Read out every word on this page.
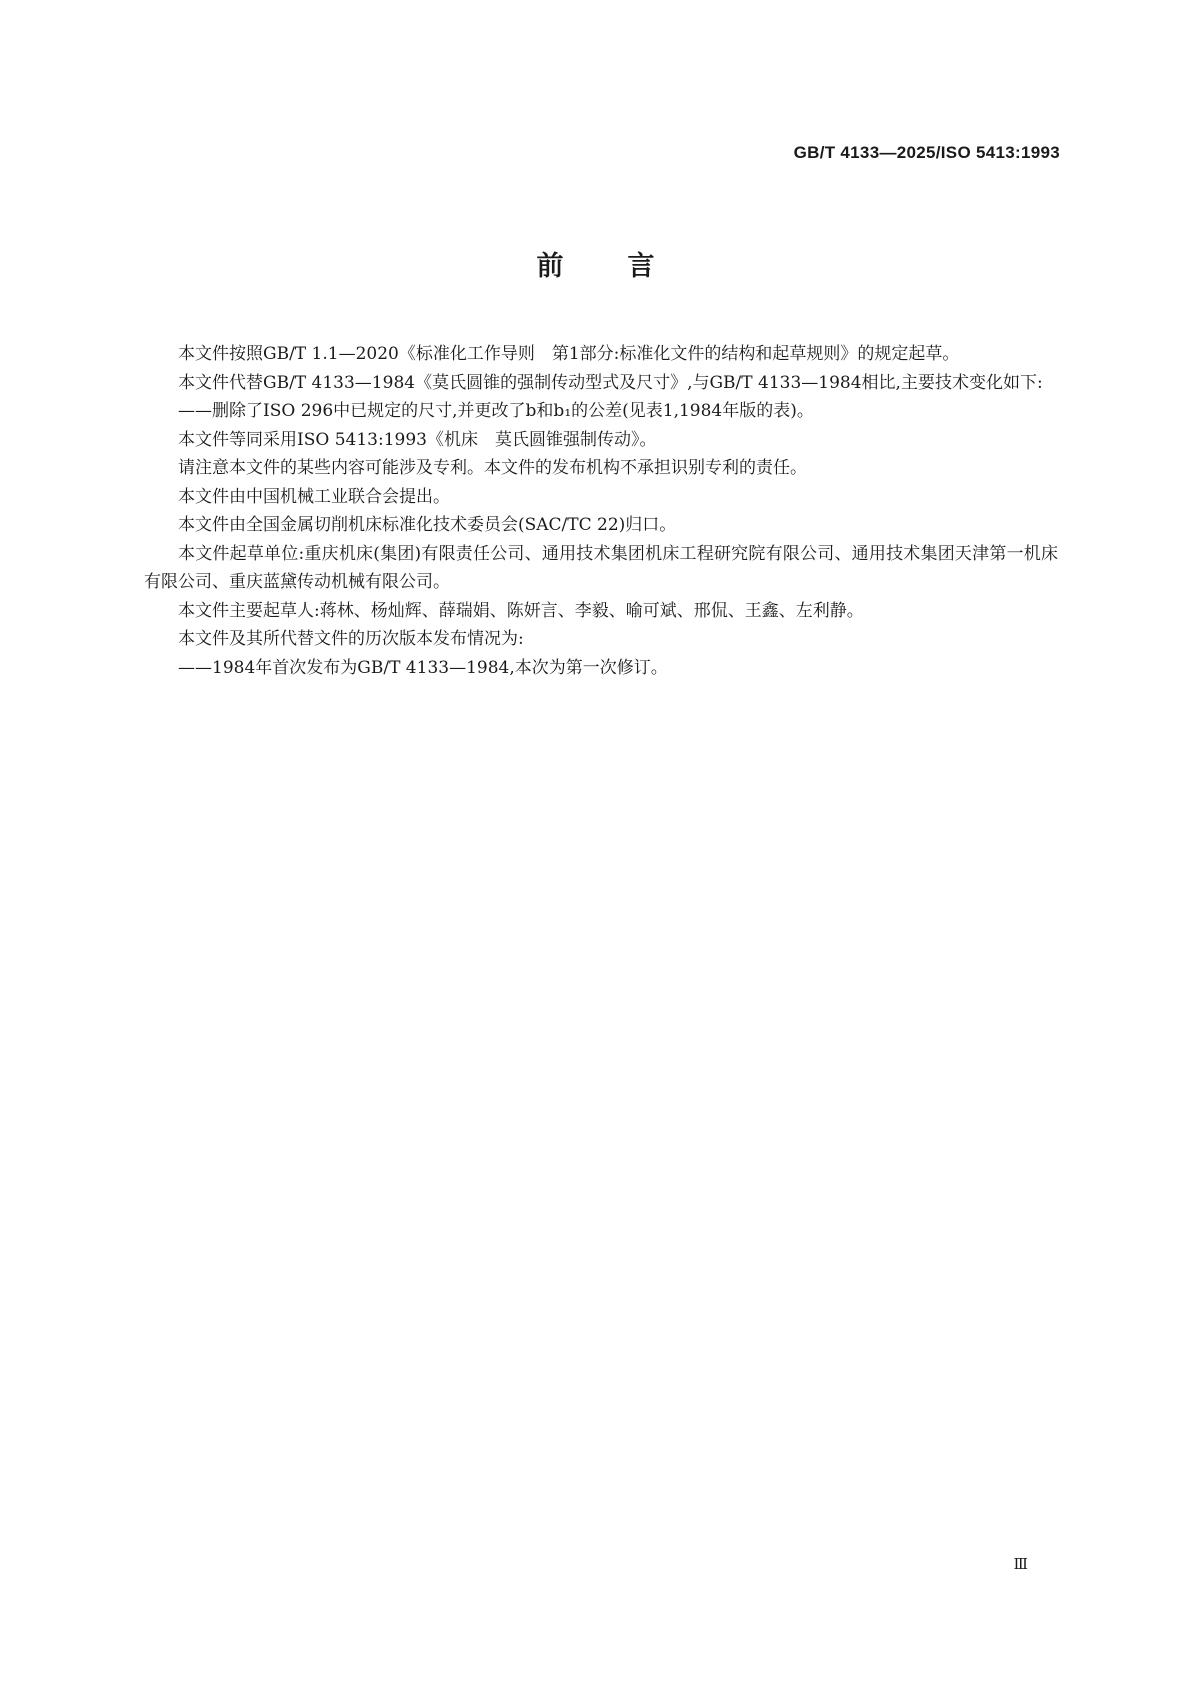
GB/T 4133—2025/ISO 5413:1993
前言

本文件按照GB/T 1.1—2020《标准化工作导则　第1部分:标准化文件的结构和起草规则》的规定起草。

本文件代替GB/T 4133—1984《莫氏圆锥的强制传动型式及尺寸》,与GB/T 4133—1984相比,主要技术变化如下:

——删除了ISO 296中已规定的尺寸,并更改了b和b₁的公差(见表1,1984年版的表)。

本文件等同采用ISO 5413:1993《机床　莫氏圆锥强制传动》。

请注意本文件的某些内容可能涉及专利。本文件的发布机构不承担识别专利的责任。

本文件由中国机械工业联合会提出。

本文件由全国金属切削机床标准化技术委员会(SAC/TC 22)归口。

本文件起草单位:重庆机床(集团)有限责任公司、通用技术集团机床工程研究院有限公司、通用技术集团天津第一机床有限公司、重庆蓝黛传动机械有限公司。

本文件主要起草人:蒋林、杨灿辉、薛瑞娟、陈妍言、李毅、喻可斌、邢侃、王鑫、左利静。

本文件及其所代替文件的历次版本发布情况为:

——1984年首次发布为GB/T 4133—1984,本次为第一次修订。

Ⅲ
